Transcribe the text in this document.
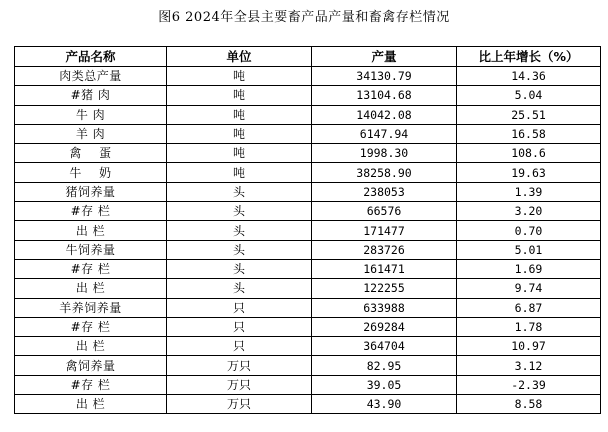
图6 2024年全县主要畜产品产量和畜禽存栏情况
产品名称	单位	产量	比上年增长（%）
肉类总产量	吨	34130.79	14.36
#猪 肉	吨	13104.68	5.04
牛 肉	吨	14042.08	25.51
羊 肉	吨	6147.94	16.58
禽    蛋	吨	1998.30	108.6
牛    奶	吨	38258.90	19.63
猪饲养量	头	238053	1.39
#存 栏	头	66576	3.20
出 栏	头	171477	0.70
牛饲养量	头	283726	5.01
#存 栏	头	161471	1.69
出 栏	头	122255	9.74
羊养饲养量	只	633988	6.87
#存 栏	只	269284	1.78
出 栏	只	364704	10.97
禽饲养量	万只	82.95	3.12
#存 栏	万只	39.05	-2.39
出 栏	万只	43.90	8.58
